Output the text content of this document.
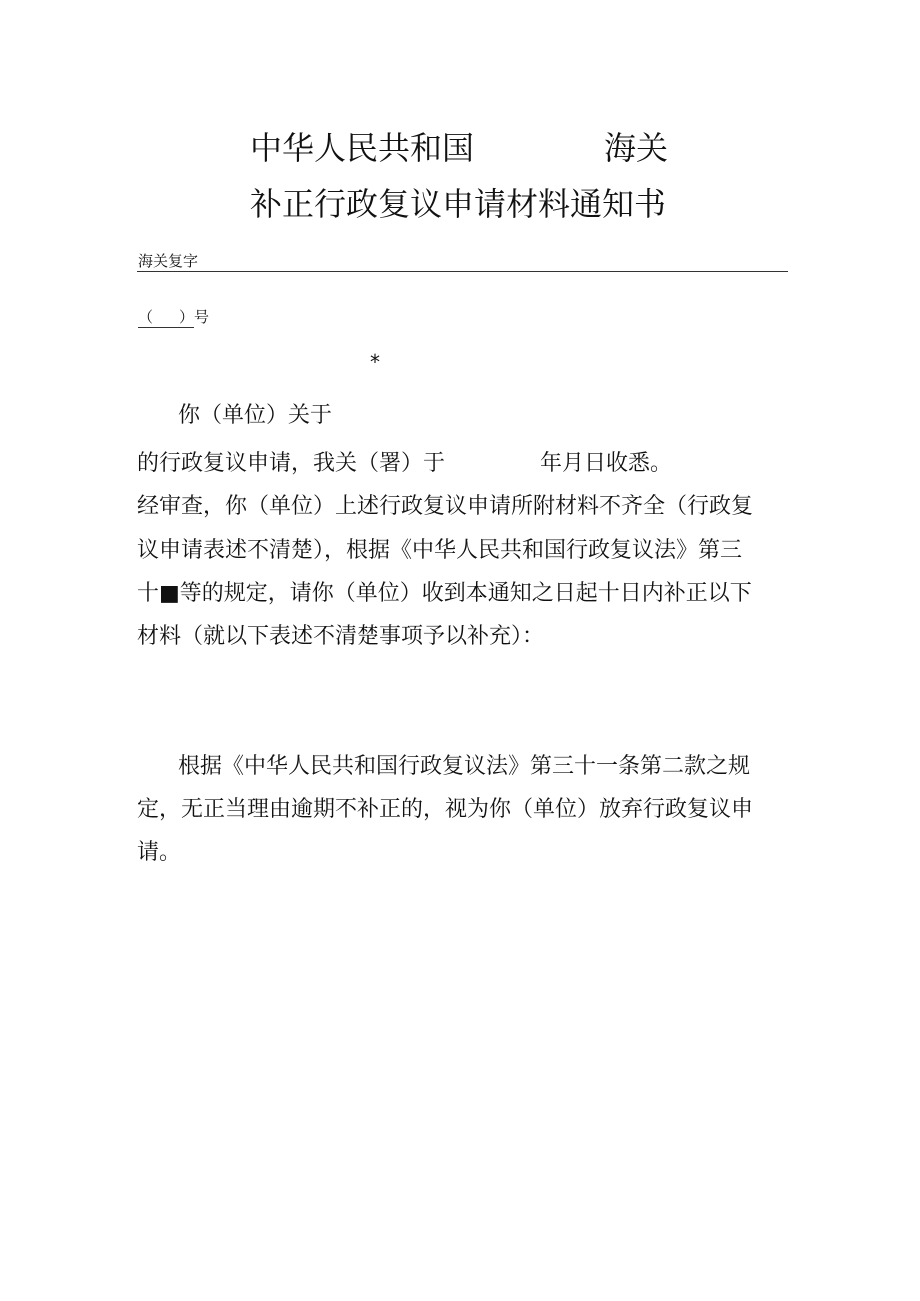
中华人民共和国	海关
补正行政复议申请材料通知书
海关复字
（ ）号
*
你（单位）关于
的行政复议申请，我关（署）于	年月日收悉。
经审查，你（单位）上述行政复议申请所附材料不齐全（行政复
议申请表述不清楚），根据《中华人民共和国行政复议法》第三
十■等的规定，请你（单位）收到本通知之日起十日内补正以下
材料（就以下表述不清楚事项予以补充）：
根据《中华人民共和国行政复议法》第三十一条第二款之规
定，无正当理由逾期不补正的，视为你（单位）放弃行政复议申
请。
